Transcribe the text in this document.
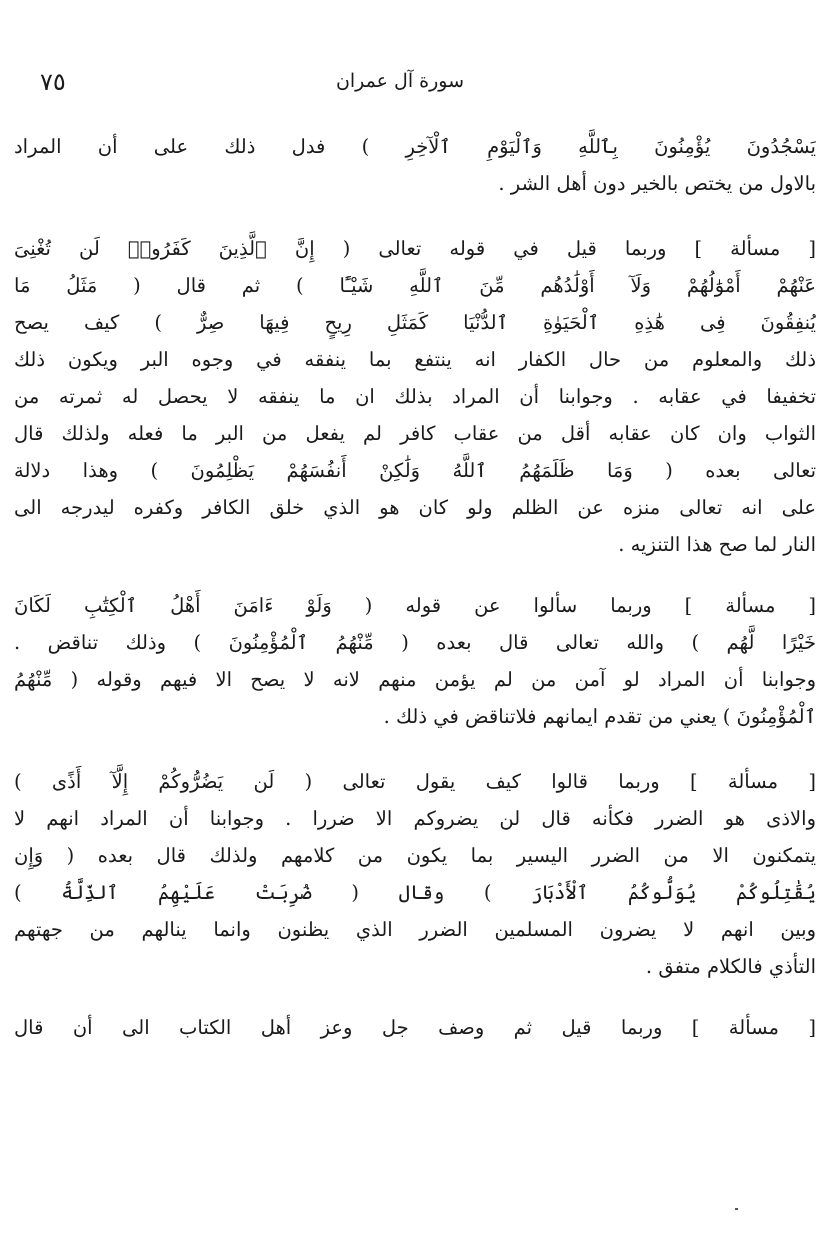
٧٥	سورة آل عمران
يَسْجُدُونَ يُؤْمِنُونَ بِٱللَّهِ وَٱلْيَوْمِ ٱلْآخِرِ ) فدل ذلك على أن المراد
بالاول من يختص بالخير دون أهل الشر .
[ مسألة ] وربما قيل في قوله تعالى ( إِنَّ ٱلَّذِينَ كَفَرُوا۟ لَن تُغْنِىَ
عَنْهُمْ أَمْوَٰلُهُمْ وَلَآ أَوْلَٰدُهُم مِّنَ ٱللَّهِ شَيْـًٔا ) ثم قال ( مَثَلُ مَا
يُنفِقُونَ فِى هَٰذِهِ ٱلْحَيَوٰةِ ٱلدُّنْيَا كَمَثَلِ رِيحٍ فِيهَا صِرٌّ ) كيف يصح
ذلك والمعلوم من حال الكفار انه ينتفع بما ينفقه في وجوه البر ويكون ذلك
تخفيفا في عقابه . وجوابنا أن المراد بذلك ان ما ينفقه لا يحصل له ثمرته من
الثواب وان كان عقابه أقل من عقاب كافر لم يفعل من البر ما فعله ولذلك قال
تعالى بعده ( وَمَا ظَلَمَهُمُ ٱللَّهُ وَلَٰكِنْ أَنفُسَهُمْ يَظْلِمُونَ ) وهذا دلالة
على انه تعالى منزه عن الظلم ولو كان هو الذي خلق الكافر وكفره ليدرجه الى
النار لما صح هذا التنزيه .
[ مسألة ] وربما سألوا عن قوله ( وَلَوْ ءَامَنَ أَهْلُ ٱلْكِتَٰبِ لَكَانَ
خَيْرًا لَّهُم ) والله تعالى قال بعده ( مِّنْهُمُ ٱلْمُؤْمِنُونَ ) وذلك تناقض .
وجوابنا أن المراد لو آمن من لم يؤمن منهم لانه لا يصح الا فيهم وقوله ( مِّنْهُمُ
ٱلْمُؤْمِنُونَ ) يعني من تقدم ايمانهم فلاتناقض في ذلك .
[ مسألة ] وربما قالوا كيف يقول تعالى ( لَن يَضُرُّوكُمْ إِلَّآ أَذًى )
والاذى هو الضرر فكأنه قال لن يضروكم الا ضررا . وجوابنا أن المراد انهم لا
يتمكنون الا من الضرر اليسير بما يكون من كلامهم ولذلك قال بعده ( وَإِن
يُقَٰتِلُوكُمْ يُوَلُّوكُمُ ٱلْأَدْبَارَ ) وقال ( ضُرِبَتْ عَلَيْهِمُ ٱلذِّلَّةُ )
وبين انهم لا يضرون المسلمين الضرر الذي يظنون وانما ينالهم من جهتهم
التأذي فالكلام متفق .
[ مسألة ] وربما قيل ثم وصف جل وعز أهل الكتاب الى أن قال
